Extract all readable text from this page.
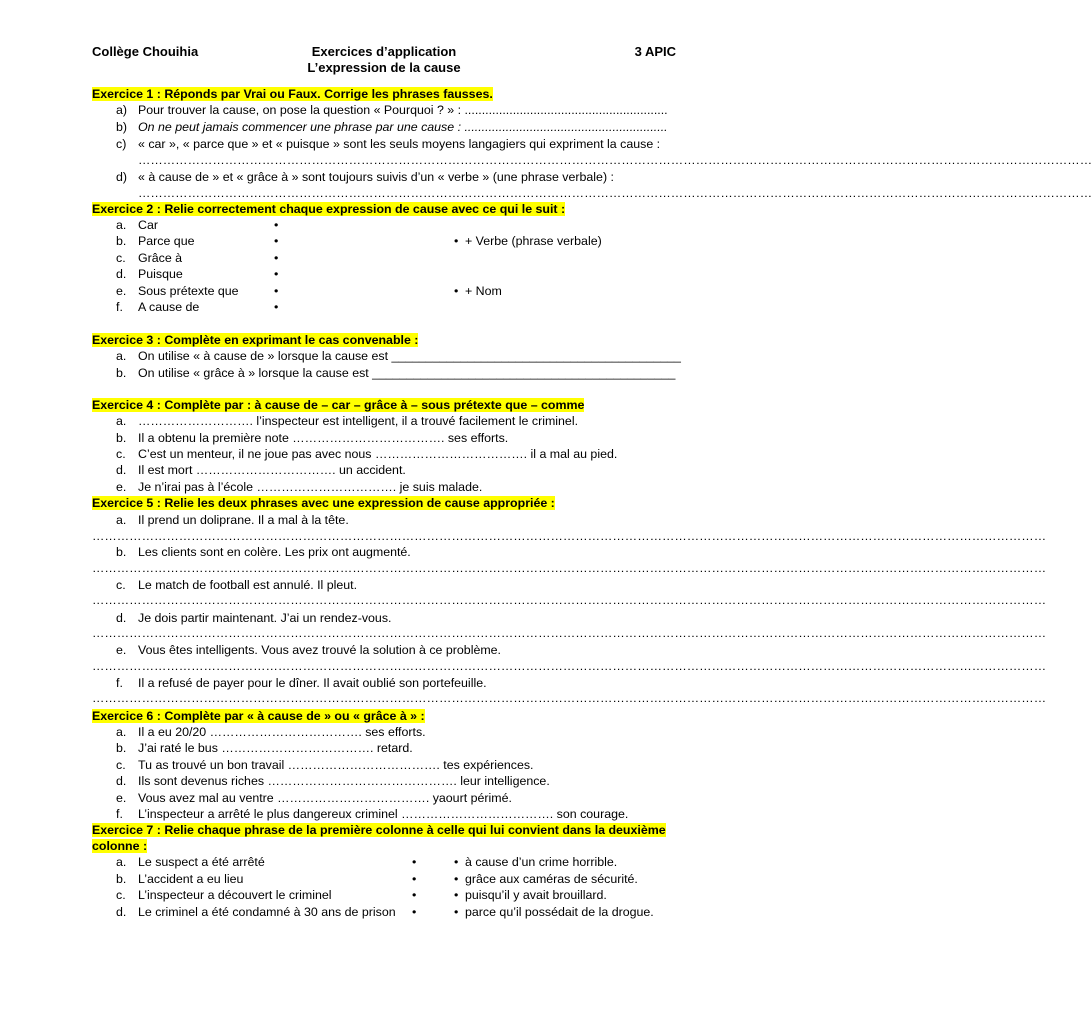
Collège Chouihia	Exercices d’application
L’expression de la cause
3 APIC
Exercice 1 : Réponds par Vrai ou Faux. Corrige les phrases fausses.
a) Pour trouver la cause, on pose la question « Pourquoi ? » : ...........................................................
b) On ne peut jamais commencer une phrase par une cause : ...........................................................
c) « car », « parce que » et « puisque » sont les seuls moyens langagiers qui expriment la cause :
……………………………………………………………………………………………………………………………………………………………………………………………………………
d) « à cause de » et « grâce à » sont toujours suivis d’un « verbe » (une phrase verbale) :
……………………………………………………………………………………………………………………………………………………………………………………………………………
Exercice 2 : Relie correctement chaque expression de cause avec ce qui le suit :
a. Car	•
b. Parce que	•	• + Verbe (phrase verbale)
c. Grâce à	•
d. Puisque	•
e. Sous prétexte que	•	• + Nom
f. A cause de	•
Exercice 3 : Complète en exprimant le cas convenable :
a. On utilise « à cause de » lorsque la cause est __________________________________________
b. On utilise « grâce à » lorsque la cause est ____________________________________________
Exercice 4 : Complète par : à cause de – car – grâce à – sous prétexte que – comme
a. ………………………. l’inspecteur est intelligent, il a trouvé facilement le criminel.
b. Il a obtenu la première note ………………………………. ses efforts.
c. C’est un menteur, il ne joue pas avec nous ………………………………. il a mal au pied.
d. Il est mort ……………………………. un accident.
e. Je n’irai pas à l’école ……………………………. je suis malade.
Exercice 5 : Relie les deux phrases avec une expression de cause appropriée :
a. Il prend un doliprane. Il a mal à la tête.
……………………………………………………………………………………………………………………………………………………………………………………………………………
b. Les clients sont en colère. Les prix ont augmenté.
……………………………………………………………………………………………………………………………………………………………………………………………………………
c. Le match de football est annulé. Il pleut.
……………………………………………………………………………………………………………………………………………………………………………………………………………
d. Je dois partir maintenant. J’ai un rendez-vous.
……………………………………………………………………………………………………………………………………………………………………………………………………………
e. Vous êtes intelligents. Vous avez trouvé la solution à ce problème.
……………………………………………………………………………………………………………………………………………………………………………………………………………
f. Il a refusé de payer pour le dîner. Il avait oublié son portefeuille.
……………………………………………………………………………………………………………………………………………………………………………………………………………
Exercice 6 : Complète par « à cause de » ou « grâce à » :
a. Il a eu 20/20 ………………………………. ses efforts.
b. J’ai raté le bus ………………………………. retard.
c. Tu as trouvé un bon travail ………………………………. tes expériences.
d. Ils sont devenus riches ………………………………………. leur intelligence.
e. Vous avez mal au ventre ………………………………. yaourt périmé.
f. L’inspecteur a arrêté le plus dangereux criminel ………………………………. son courage.
Exercice 7 : Relie chaque phrase de la première colonne à celle qui lui convient dans la deuxième
colonne :
a. Le suspect a été arrêté	•	• à cause d’un crime horrible.
b. L’accident a eu lieu	•	• grâce aux caméras de sécurité.
c. L’inspecteur a découvert le criminel	•	• puisqu’il y avait brouillard.
d. Le criminel a été condamné à 30 ans de prison •	• parce qu’il possédait de la drogue.
